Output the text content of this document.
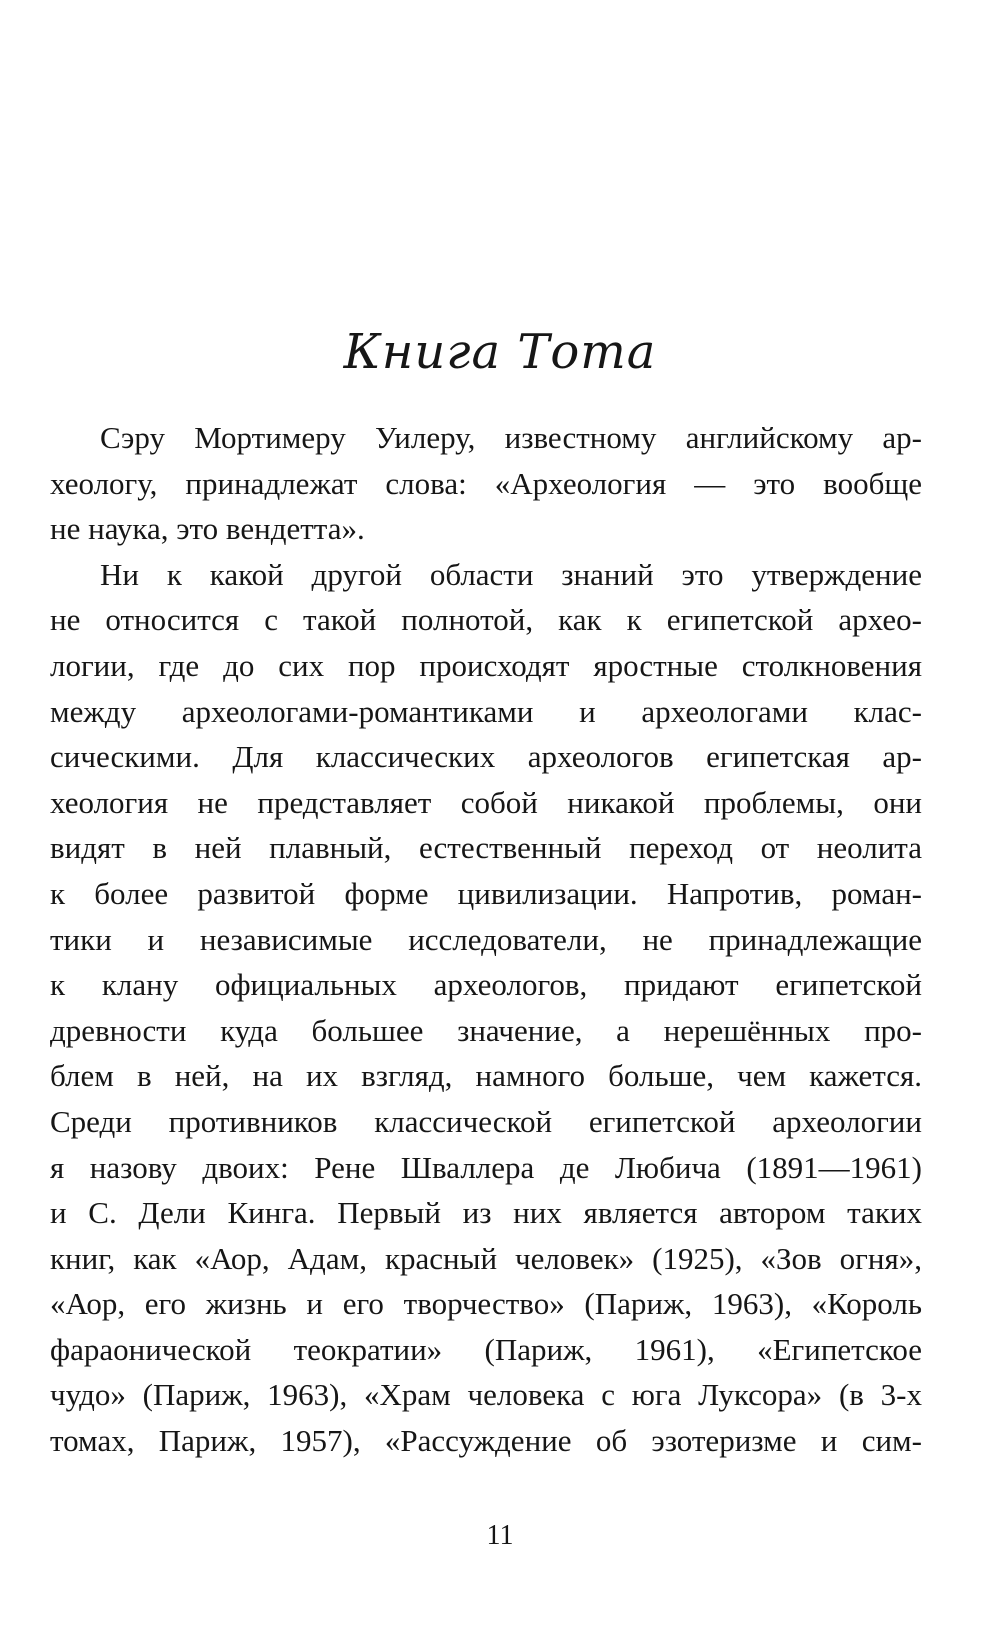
Книга Тота
Сэру Мортимеру Уилеру, известному английскому ар-
хеологу, принадлежат слова: «Археология — это вообще
не наука, это вендетта».
Ни к какой другой области знаний это утверждение
не относится с такой полнотой, как к египетской архео-
логии, где до сих пор происходят яростные столкновения
между археологами-романтиками и археологами клас-
сическими. Для классических археологов египетская ар-
хеология не представляет собой никакой проблемы, они
видят в ней плавный, естественный переход от неолита
к более развитой форме цивилизации. Напротив, роман-
тики и независимые исследователи, не принадлежащие
к клану официальных археологов, придают египетской
древности куда большее значение, а нерешённых про-
блем в ней, на их взгляд, намного больше, чем кажется.
Среди противников классической египетской археологии
я назову двоих: Рене Шваллера де Любича (1891—1961)
и С. Дели Кинга. Первый из них является автором таких
книг, как «Аор, Адам, красный человек» (1925), «Зов огня»,
«Аор, его жизнь и его творчество» (Париж, 1963), «Король
фараонической теократии» (Париж, 1961), «Египетское
чудо» (Париж, 1963), «Храм человека с юга Луксора» (в 3-х
томах, Париж, 1957), «Рассуждение об эзотеризме и сим-
11
